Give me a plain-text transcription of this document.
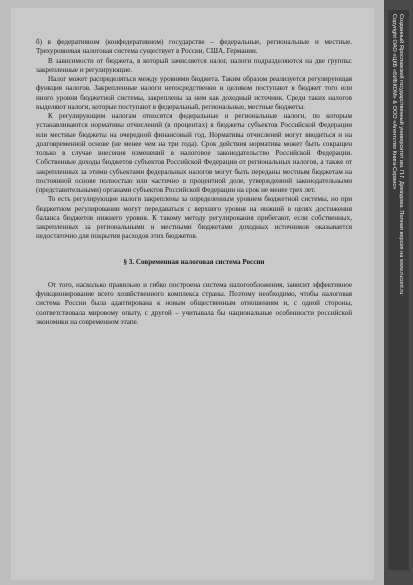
б) в федеративном (конфедеративном) государстве – федеральные, региональные и местные. Трехуровневая налоговая система существует в России, США, Германии.

В зависимости от бюджета, в который зачисляется налог, налоги подразделяются на две группы: закрепленные и регулирующие.

Налог может распределяться между уровнями бюджета. Таким образом реализуется регулирующая функция налогов. Закрепленные налоги непосредственно и целиком поступают в бюджет того или иного уровня бюджетной системы, закреплены за ним как доходный источник. Среди таких налогов выделяют налоги, которые поступают в федеральный, региональные, местные бюджеты.

К регулирующим налогам относятся федеральные и региональные налоги, по которым устанавливаются нормативы отчислений (в процентах) в бюджеты субъектов Российской Федерации или местные бюджеты на очередной финансовый год. Нормативы отчислений могут вводиться и на долговременной основе (не менее чем на три года). Срок действия норматива может быть сокращен только в случае внесения изменений в налоговое законодательство Российской Федерации. Собственные доходы бюджетов субъектов Российской Федерации от региональных налогов, а также от закрепленных за этими субъектами федеральных налогов могут быть переданы местным бюджетам на постоянной основе полностью или частично в процентной доле, утвержденной законодательными (представительными) органами субъектов Российской Федерации на срок не менее трех лет.

То есть регулирующие налоги закреплены за определенным уровнем бюджетной системы, но при бюджетном регулировании могут передаваться с верхнего уровня на нижний в целях достижения баланса бюджетов нижнего уровня. К такому методу регулирования прибегают, если собственных, закрепленных за региональными и местными бюджетами доходных источников оказывается недостаточно для покрытия расходов этих бюджетов.

§ 3. Современная налоговая система России

От того, насколько правильно и гибко построена система налогообложения, зависит эффективное функционирование всего хозяйственного комплекса страны. Поэтому необходимо, чтобы налоговая система России была адаптирована к новым общественным отношениям и, с одной стороны, соответствовала мировому опыту, с другой – учитывала бы национальные особенности российской экономики на современном этапе.

Copyright ОАО «ЦКБ «БИБКОМ» & ООО «Aгентство Книга-Сервис» Созданный Ярославский государственный университет им. П.Г. Демидова. Полная версия на www.rucont.ru
